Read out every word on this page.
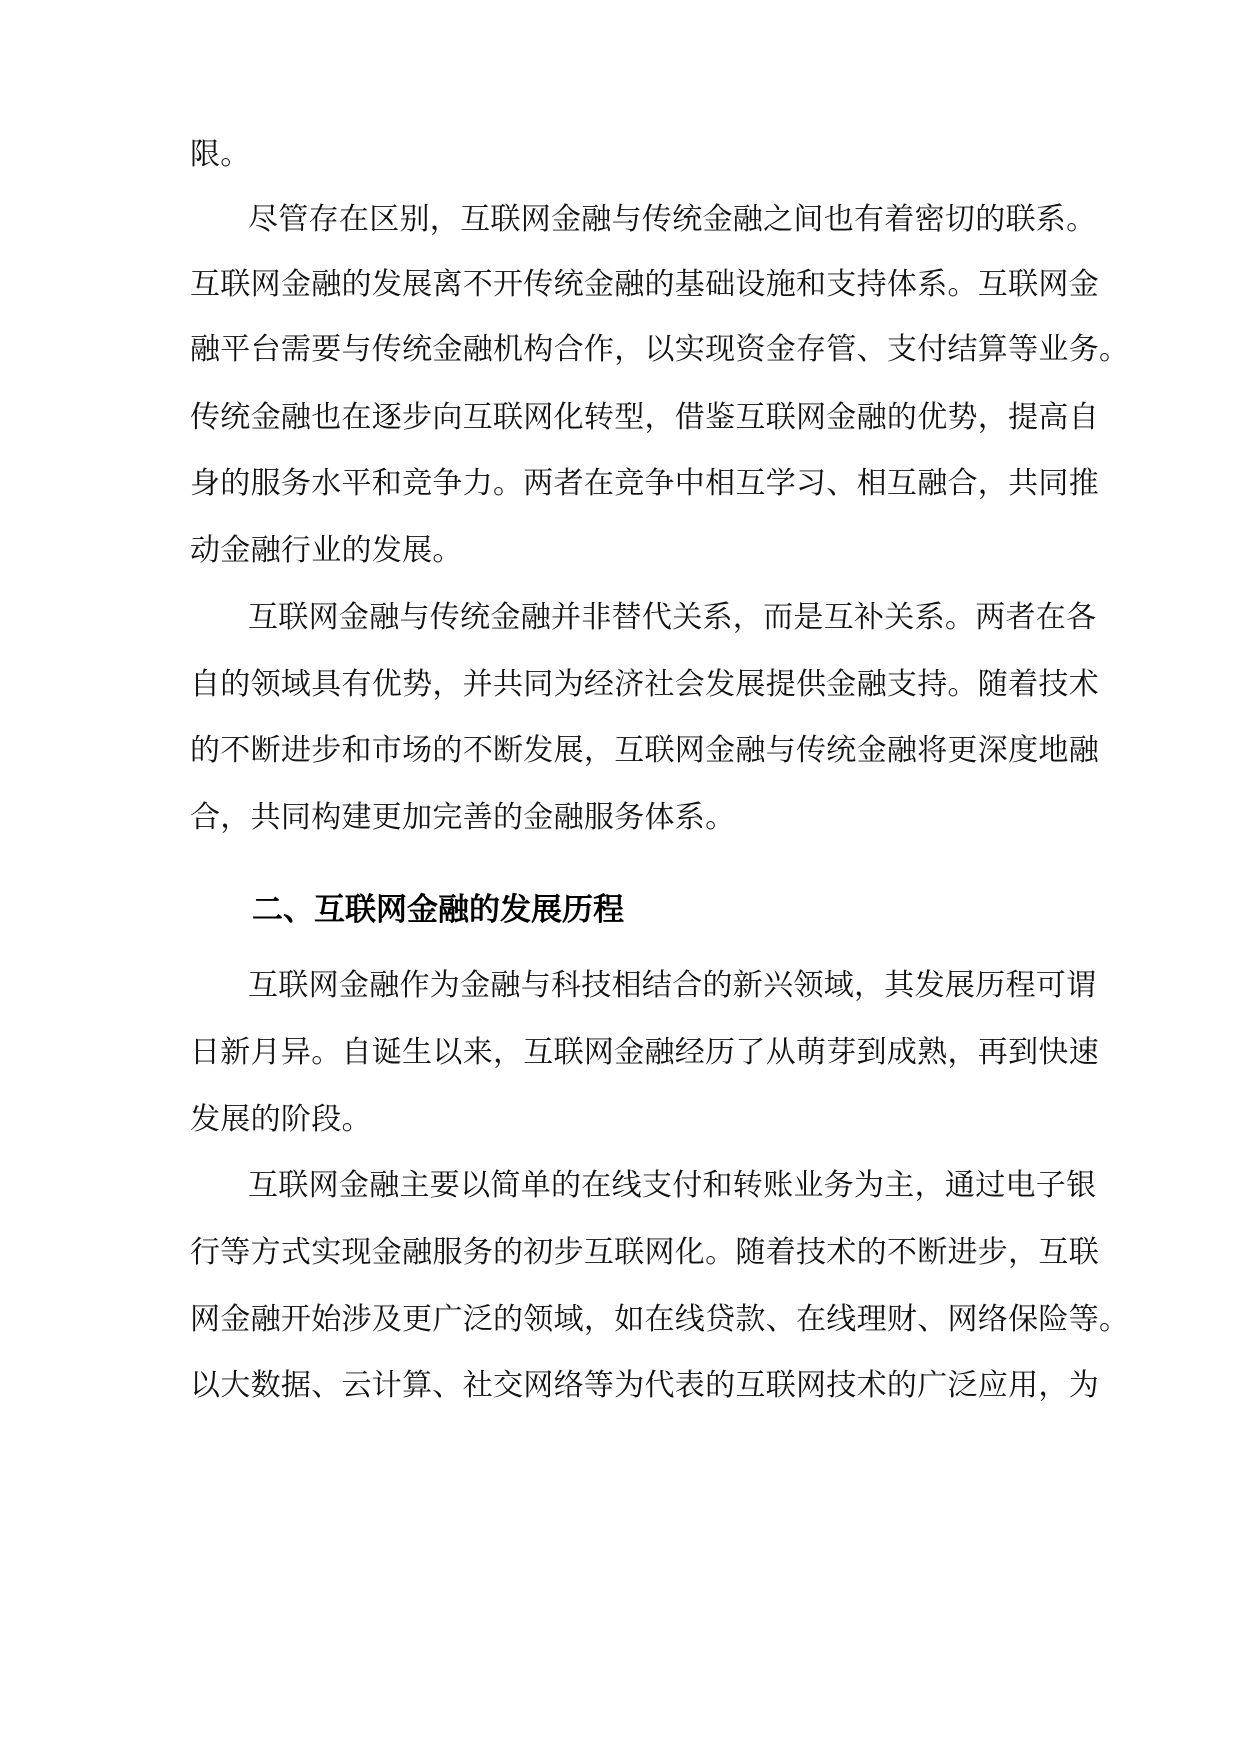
限。
尽管存在区别，互联网金融与传统金融之间也有着密切的联系。
互联网金融的发展离不开传统金融的基础设施和支持体系。互联网金
融平台需要与传统金融机构合作，以实现资金存管、支付结算等业务。
传统金融也在逐步向互联网化转型，借鉴互联网金融的优势，提高自
身的服务水平和竞争力。两者在竞争中相互学习、相互融合，共同推
动金融行业的发展。
互联网金融与传统金融并非替代关系，而是互补关系。两者在各
自的领域具有优势，并共同为经济社会发展提供金融支持。随着技术
的不断进步和市场的不断发展，互联网金融与传统金融将更深度地融
合，共同构建更加完善的金融服务体系。
二、互联网金融的发展历程
互联网金融作为金融与科技相结合的新兴领域，其发展历程可谓
日新月异。自诞生以来，互联网金融经历了从萌芽到成熟，再到快速
发展的阶段。
互联网金融主要以简单的在线支付和转账业务为主，通过电子银
行等方式实现金融服务的初步互联网化。随着技术的不断进步，互联
网金融开始涉及更广泛的领域，如在线贷款、在线理财、网络保险等。
以大数据、云计算、社交网络等为代表的互联网技术的广泛应用，为
